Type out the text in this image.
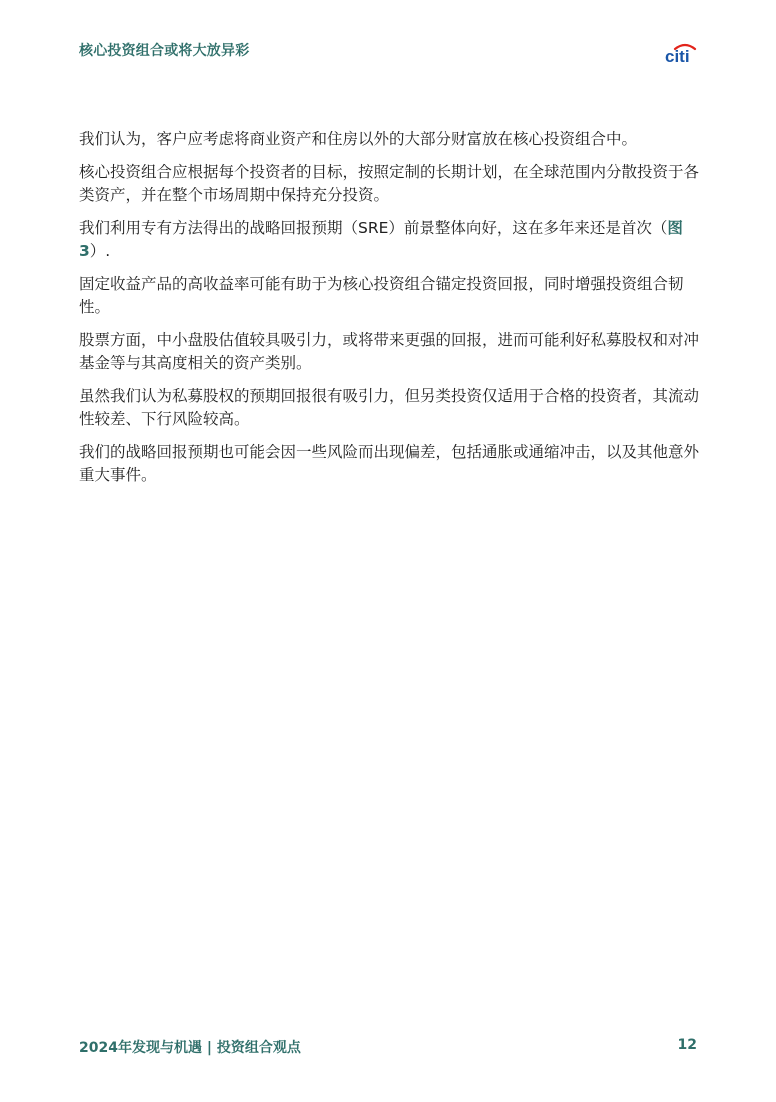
核心投资组合或将大放异彩	citi

我们认为，客户应考虑将商业资产和住房以外的大部分财富放在核心投资组合中。

核心投资组合应根据每个投资者的目标，按照定制的长期计划，在全球范围内分散投资于各类资产，并在整个市场周期中保持充分投资。

我们利用专有方法得出的战略回报预期（SRE）前景整体向好，这在多年来还是首次（图3）.

固定收益产品的高收益率可能有助于为核心投资组合锚定投资回报，同时增强投资组合韧性。

股票方面，中小盘股估值较具吸引力，或将带来更强的回报，进而可能利好私募股权和对冲基金等与其高度相关的资产类别。

虽然我们认为私募股权的预期回报很有吸引力，但另类投资仅适用于合格的投资者，其流动性较差、下行风险较高。

我们的战略回报预期也可能会因一些风险而出现偏差，包括通胀或通缩冲击，以及其他意外重大事件。

2024年发现与机遇 | 投资组合观点	12
